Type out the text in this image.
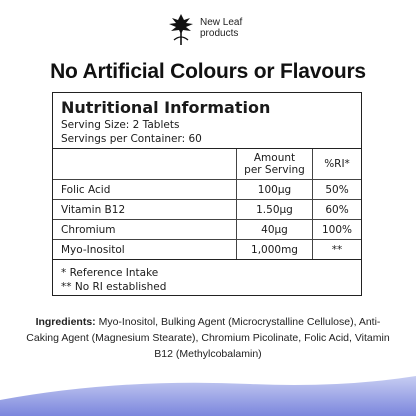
New Leaf
products
No Artificial Colours or Flavours
Nutritional Information
Serving Size: 2 Tablets
Servings per Container: 60
	Amount
per Serving	%RI*
Folic Acid	100µg	50%
Vitamin B12	1.50µg	60%
Chromium	40µg	100%
Myo-Inositol	1,000mg	**
* Reference Intake
** No RI established
Ingredients: Myo-Inositol, Bulking Agent (Microcrystalline Cellulose), Anti-Caking Agent (Magnesium Stearate), Chromium Picolinate, Folic Acid, Vitamin B12 (Methylcobalamin)
